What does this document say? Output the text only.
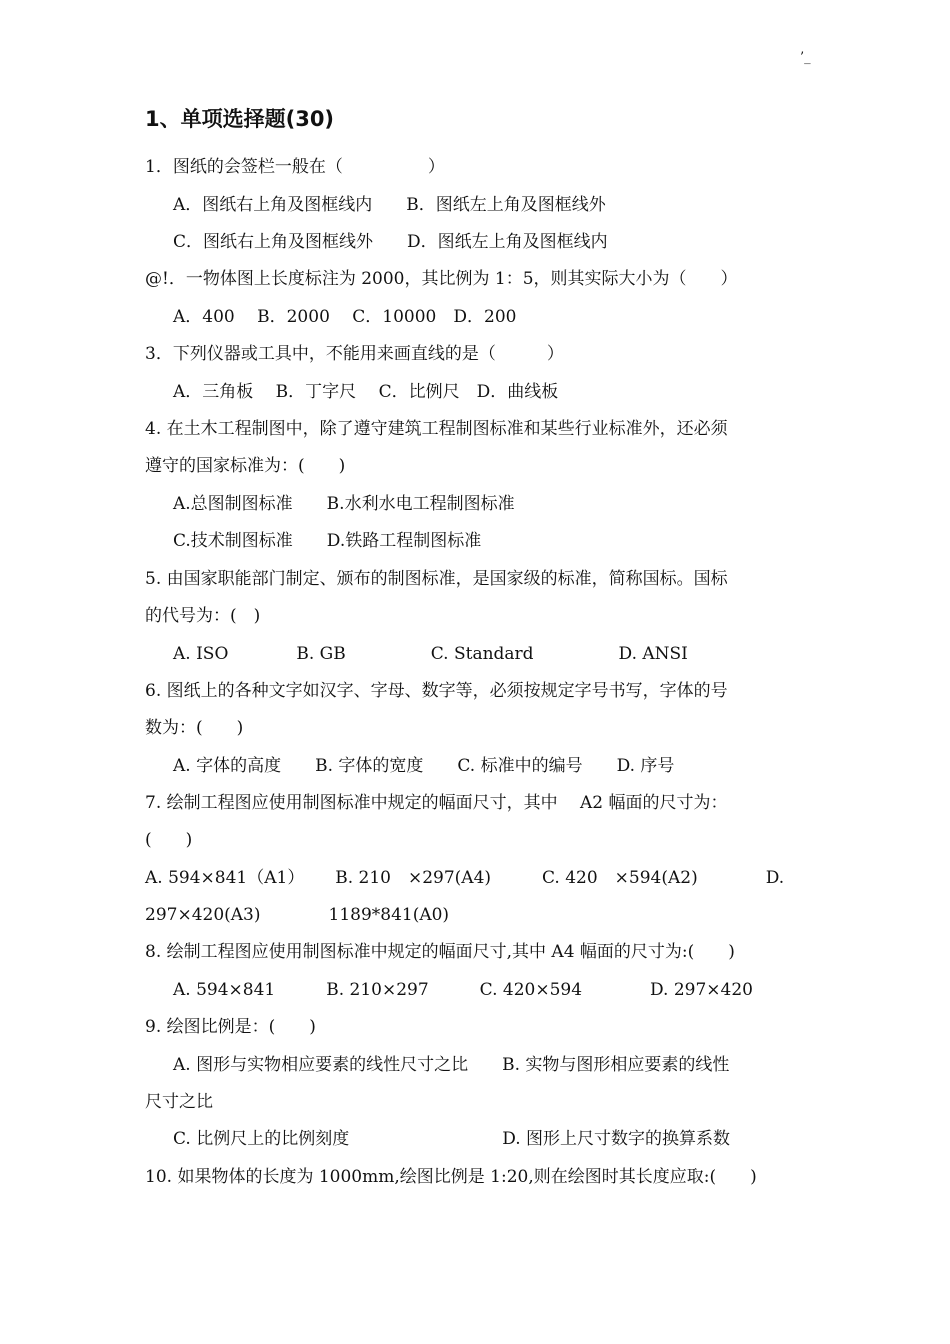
’_
1、单项选择题(30)
1．图纸的会签栏一般在（　　　　　）
A．图纸右上角及图框线内　　B．图纸左上角及图框线外
C．图纸右上角及图框线外　　D．图纸左上角及图框线内
@!．一物体图上长度标注为 2000，其比例为 1：5，则其实际大小为（　　）
A．400　 B．2000　 C．10000　D．200
3．下列仪器或工具中，不能用来画直线的是（　　　）
A．三角板　 B．丁字尺　 C．比例尺　D．曲线板
4. 在土木工程制图中，除了遵守建筑工程制图标准和某些行业标准外，还必须
遵守的国家标准为：(　　)
A.总图制图标准　　B.水利水电工程制图标准
C.技术制图标准　　D.铁路工程制图标准
5. 由国家职能部门制定、颁布的制图标准，是国家级的标准，简称国标。国标
的代号为：(　)
A. ISO　　　　B. GB　　　　　C. Standard　　　　　D. ANSI
6. 图纸上的各种文字如汉字、字母、数字等，必须按规定字号书写，字体的号
数为：(　　)
A. 字体的高度　　B. 字体的宽度　　C. 标准中的编号　　D. 序号
7. 绘制工程图应使用制图标准中规定的幅面尺寸，其中　 A2 幅面的尺寸为：
(　　)
A. 594×841（A1）　　 B. 210　×297(A4)　　　C. 420　×594(A2)　　　　D.
297×420(A3)　　　　1189*841(A0)
8. 绘制工程图应使用制图标准中规定的幅面尺寸,其中 A4 幅面的尺寸为:(　　)
A. 594×841　　　B. 210×297　　　C. 420×594　　　　D. 297×420
9. 绘图比例是：(　　)
A. 图形与实物相应要素的线性尺寸之比　　B. 实物与图形相应要素的线性
尺寸之比
C. 比例尺上的比例刻度　　　　　　　　　D. 图形上尺寸数字的换算系数
10. 如果物体的长度为 1000mm,绘图比例是 1:20,则在绘图时其长度应取:(　　)
